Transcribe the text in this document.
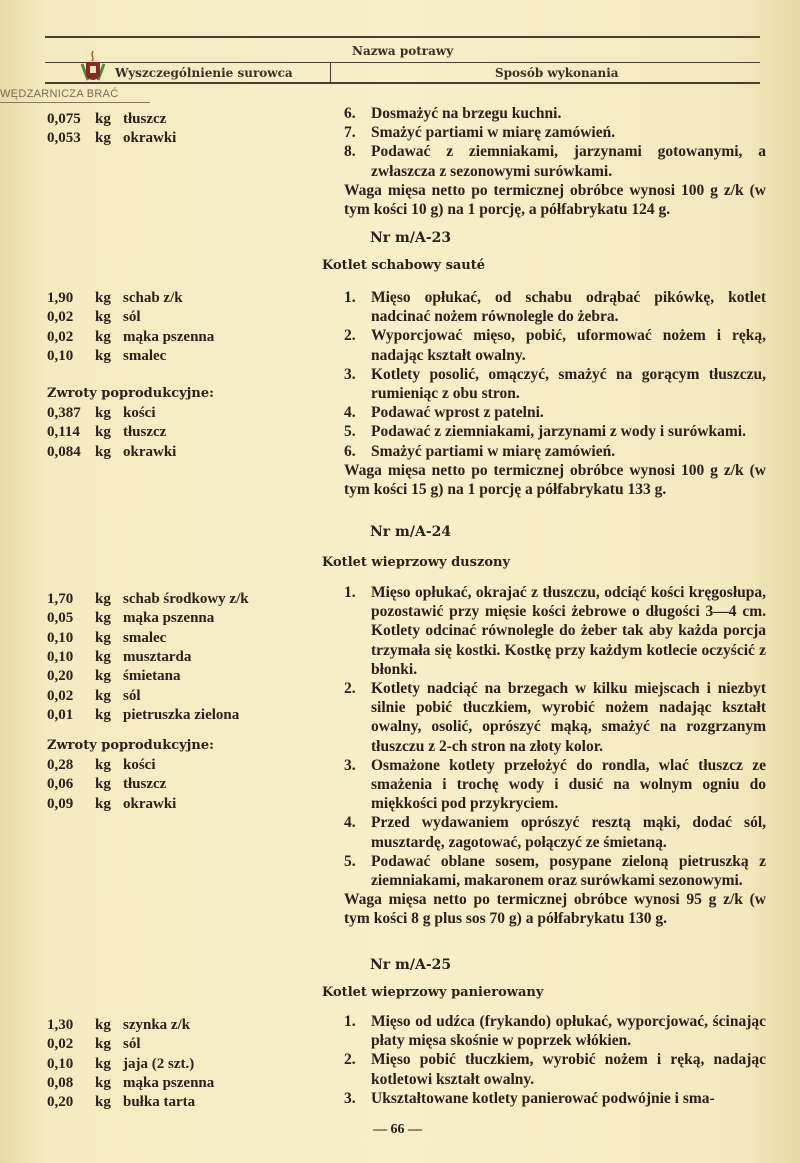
Nazwa potrawy
Wyszczególnienie surowca	Sposób wykonania
WĘDZARNICZA BRAĆ
0,075 kg tłuszcz
0,053 kg okrawki
6. Dosmażyć na brzegu kuchni.
7. Smażyć partiami w miarę zamówień.
8. Podawać z ziemniakami, jarzynami gotowanymi, a zwłaszcza z sezonowymi surówkami.
Waga mięsa netto po termicznej obróbce wynosi 100 g z/k (w tym kości 10 g) na 1 porcję, a półfabrykatu 124 g.
Nr m/A-23
Kotlet schabowy sauté
1,90 kg schab z/k
0,02 kg sól
0,02 kg mąka pszenna
0,10 kg smalec
Zwroty poprodukcyjne:
0,387 kg kości
0,114 kg tłuszcz
0,084 kg okrawki
1. Mięso opłukać, od schabu odrąbać pikówkę, kotlet nadcinać nożem równolegle do żebra.
2. Wyporcjować mięso, pobić, uformować nożem i ręką, nadając kształt owalny.
3. Kotlety posolić, omączyć, smażyć na gorącym tłuszczu, rumieniąc z obu stron.
4. Podawać wprost z patelni.
5. Podawać z ziemniakami, jarzynami z wody i surówkami.
6. Smażyć partiami w miarę zamówień.
Waga mięsa netto po termicznej obróbce wynosi 100 g z/k (w tym kości 15 g) na 1 porcję a półfabrykatu 133 g.
Nr m/A-24
Kotlet wieprzowy duszony
1,70 kg schab środkowy z/k
0,05 kg mąka pszenna
0,10 kg smalec
0,10 kg musztarda
0,20 kg śmietana
0,02 kg sól
0,01 kg pietruszka zielona
Zwroty poprodukcyjne:
0,28 kg kości
0,06 kg tłuszcz
0,09 kg okrawki
1. Mięso opłukać, okrajać z tłuszczu, odciąć kości kręgosłupa, pozostawić przy mięsie kości żebrowe o długości 3—4 cm. Kotlety odcinać równolegle do żeber tak aby każda porcja trzymała się kostki. Kostkę przy każdym kotlecie oczyścić z błonki.
2. Kotlety nadciąć na brzegach w kilku miejscach i niezbyt silnie pobić tłuczkiem, wyrobić nożem nadając kształt owalny, osolić, oprószyć mąką, smażyć na rozgrzanym tłuszczu z 2-ch stron na złoty kolor.
3. Osmażone kotlety przełożyć do rondla, wlać tłuszcz ze smażenia i trochę wody i dusić na wolnym ogniu do miękkości pod przykryciem.
4. Przed wydawaniem oprószyć resztą mąki, dodać sól, musztardę, zagotować, połączyć ze śmietaną.
5. Podawać oblane sosem, posypane zieloną pietruszką z ziemniakami, makaronem oraz surówkami sezonowymi.
Waga mięsa netto po termicznej obróbce wynosi 95 g z/k (w tym kości 8 g plus sos 70 g) a półfabrykatu 130 g.
Nr m/A-25
Kotlet wieprzowy panierowany
1,30 kg szynka z/k
0,02 kg sól
0,10 kg jaja (2 szt.)
0,08 kg mąka pszenna
0,20 kg bułka tarta
1. Mięso od udźca (frykando) opłukać, wyporcjować, ścinając płaty mięsa skośnie w poprzek włókien.
2. Mięso pobić tłuczkiem, wyrobić nożem i ręką, nadając kotletowi kształt owalny.
3. Ukształtowane kotlety panierować podwójnie i sma-
— 66 —
